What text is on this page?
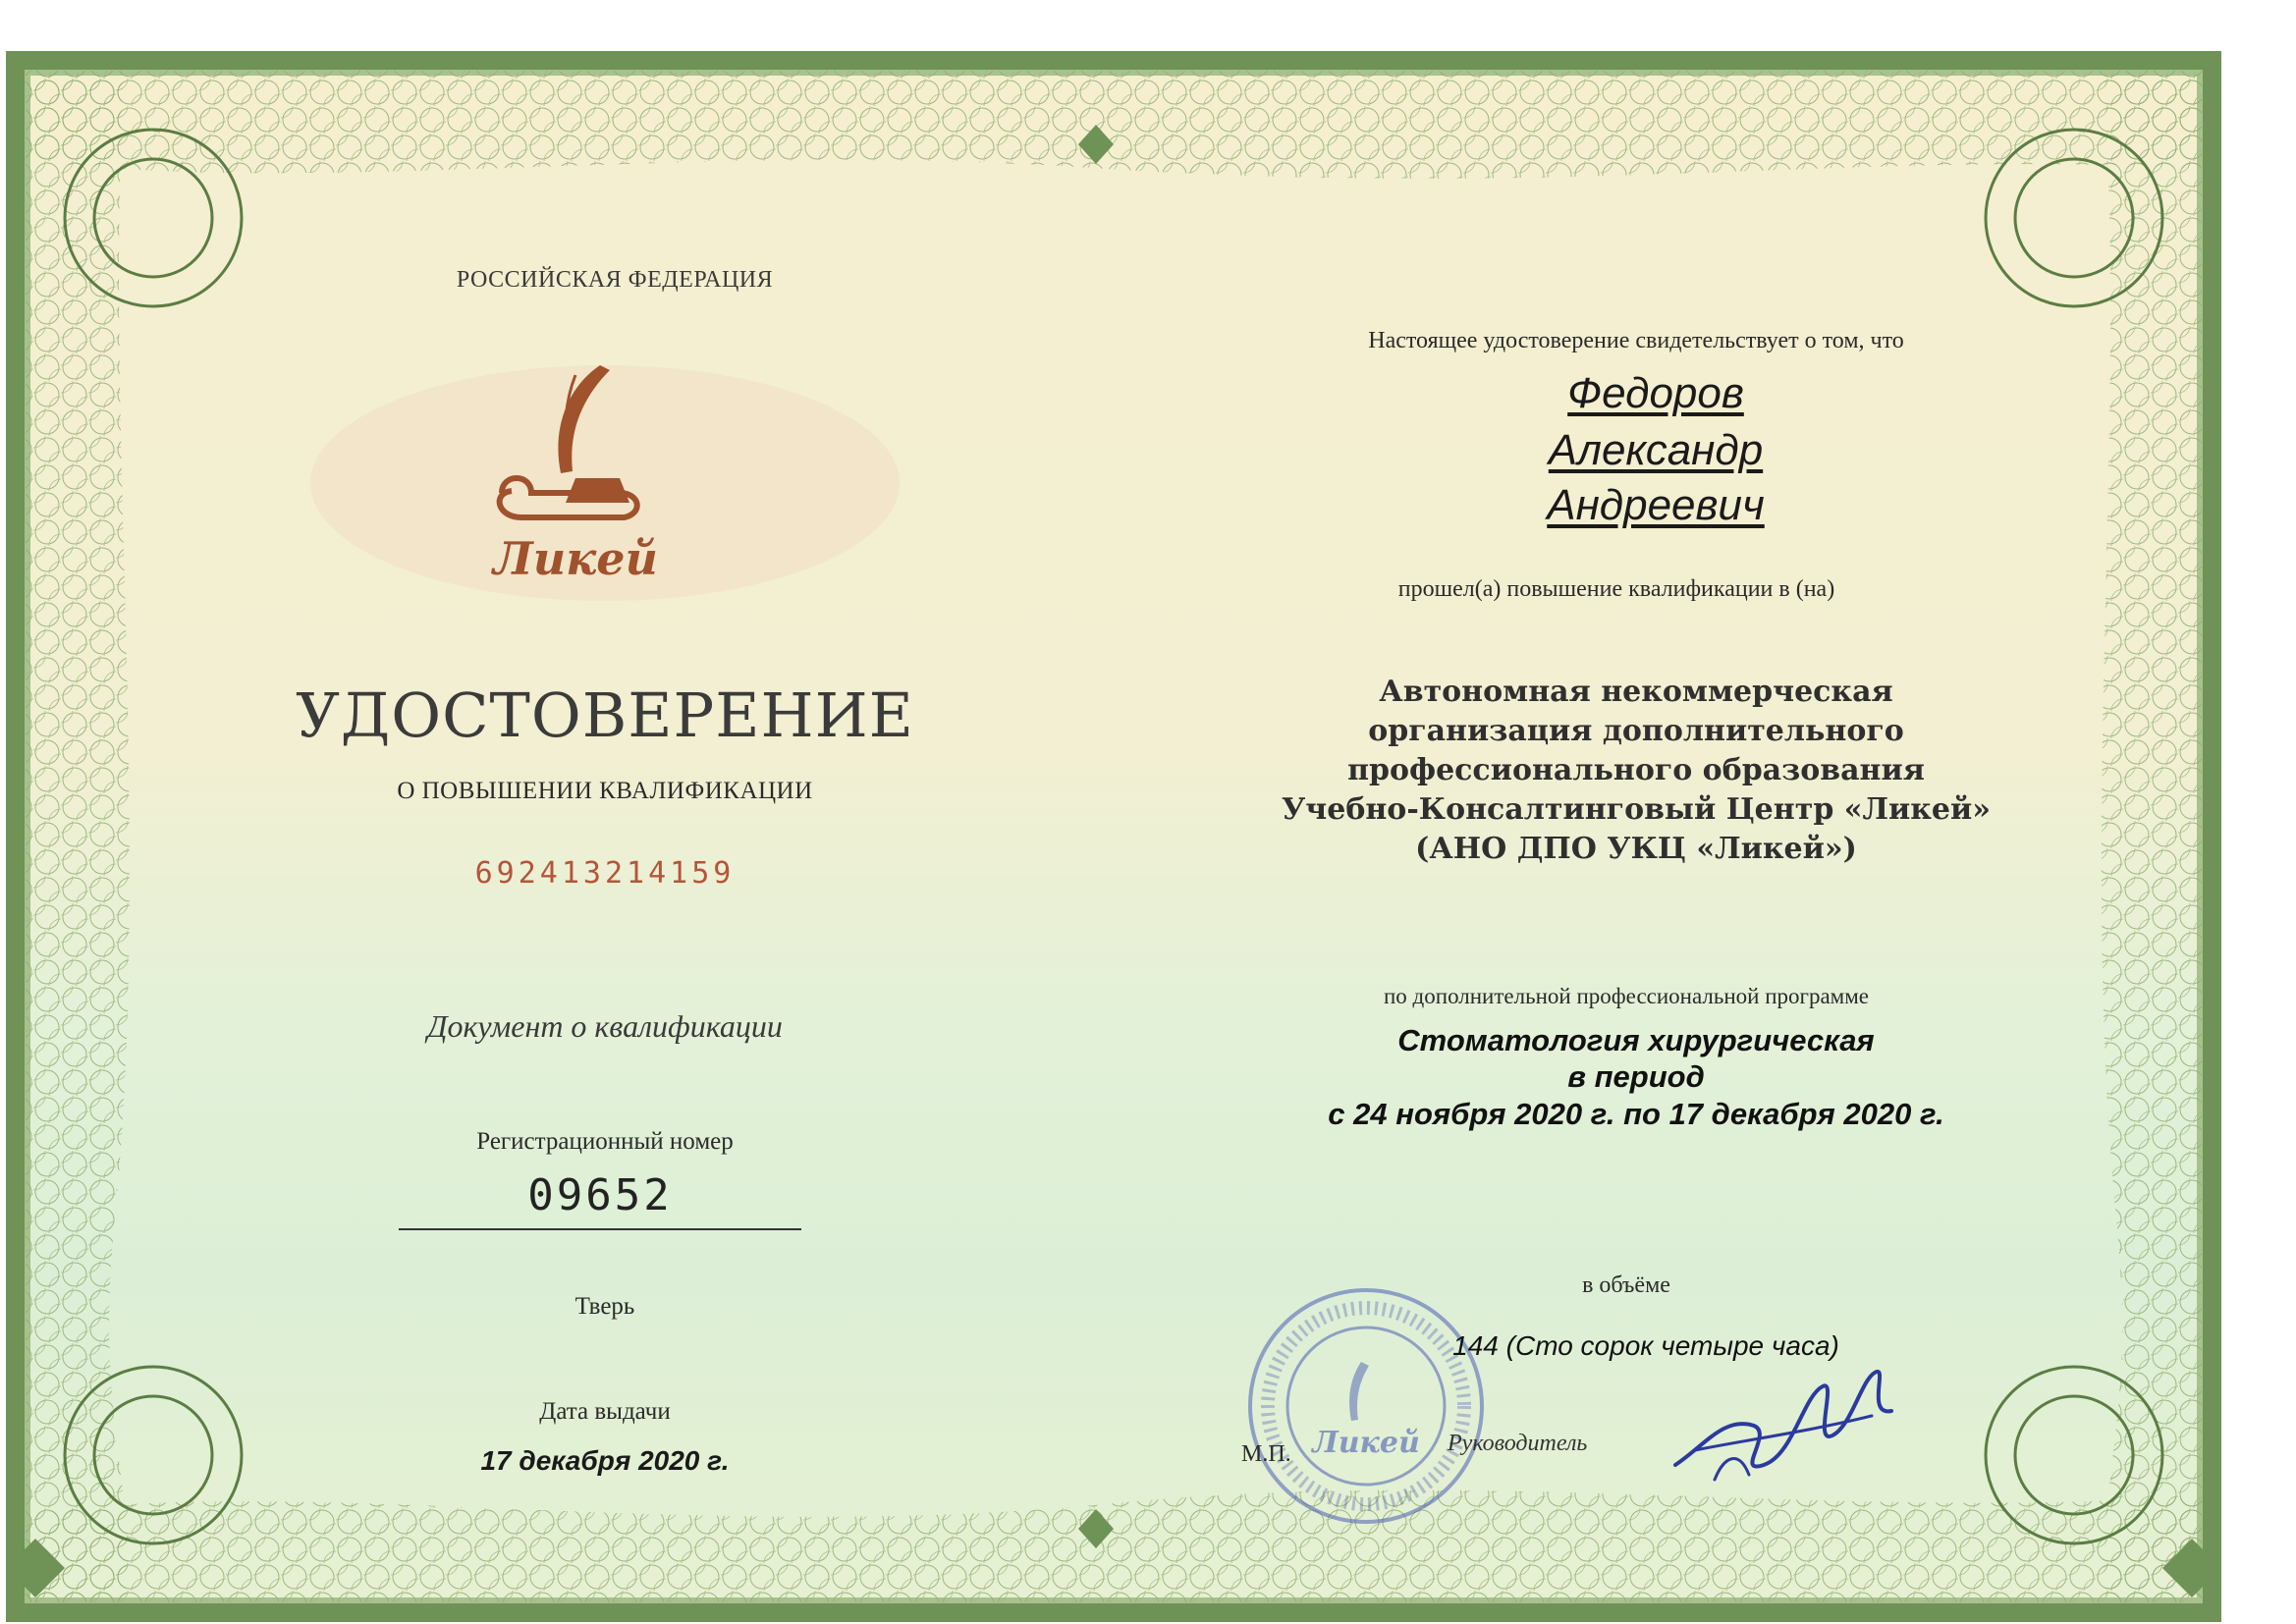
РОССИЙСКАЯ ФЕДЕРАЦИЯ
Ликей
УДОСТОВЕРЕНИЕ
О ПОВЫШЕНИИ КВАЛИФИКАЦИИ
692413214159
Документ о квалификации
Регистрационный номер
09652
Тверь
Дата выдачи
17 декабря 2020 г.
Настоящее удостоверение свидетельствует о том, что
Федоров
Александр
Андреевич
прошел(а) повышение квалификации в (на)
Автономная некоммерческая
организация дополнительного
профессионального образования
Учебно-Консалтинговый Центр «Ликей»
(АНО ДПО УКЦ «Ликей»)
по дополнительной профессиональной программе
Стоматология хирургическая
в период
с 24 ноября 2020 г. по 17 декабря 2020 г.
в объёме
Ликей
144 (Сто сорок четыре часа)
М.П.	Руководитель
